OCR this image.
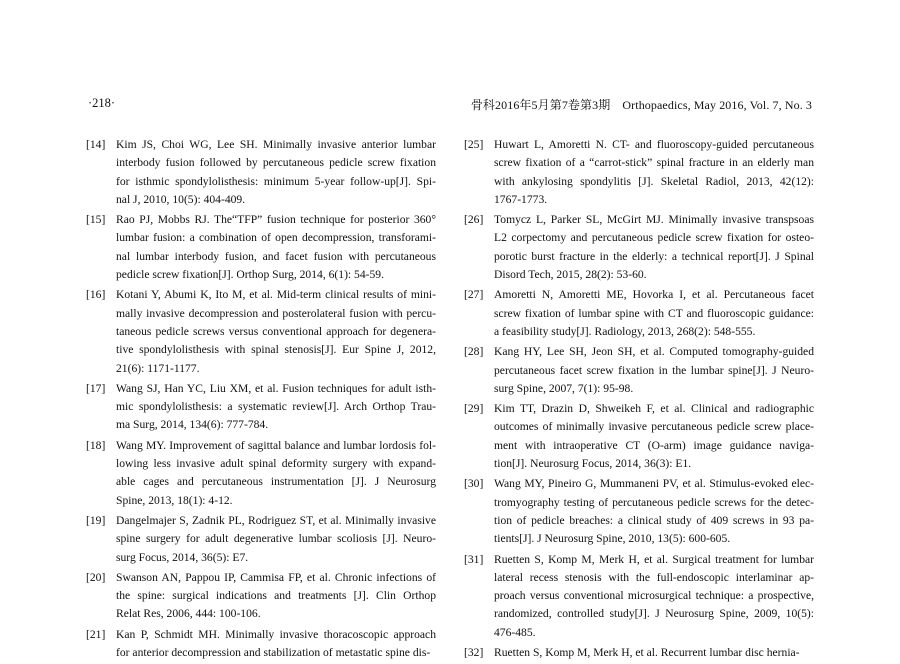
·218·	骨科2016年5月第7卷第3期　Orthopaedics, May 2016, Vol. 7, No. 3
[14] Kim JS, Choi WG, Lee SH. Minimally invasive anterior lumbar
interbody fusion followed by percutaneous pedicle screw fixation
for isthmic spondylolisthesis: minimum 5-year follow-up[J]. Spi-
nal J, 2010, 10(5): 404-409.
[15] Rao PJ, Mobbs RJ. The“TFP” fusion technique for posterior 360°
lumbar fusion: a combination of open decompression, transforami-
nal lumbar interbody fusion, and facet fusion with percutaneous
pedicle screw fixation[J]. Orthop Surg, 2014, 6(1): 54-59.
[16] Kotani Y, Abumi K, Ito M, et al. Mid-term clinical results of mini-
mally invasive decompression and posterolateral fusion with percu-
taneous pedicle screws versus conventional approach for degenera-
tive spondylolisthesis with spinal stenosis[J]. Eur Spine J, 2012,
21(6): 1171-1177.
[17] Wang SJ, Han YC, Liu XM, et al. Fusion techniques for adult isth-
mic spondylolisthesis: a systematic review[J]. Arch Orthop Trau-
ma Surg, 2014, 134(6): 777-784.
[18] Wang MY. Improvement of sagittal balance and lumbar lordosis fol-
lowing less invasive adult spinal deformity surgery with expand-
able cages and percutaneous instrumentation [J]. J Neurosurg
Spine, 2013, 18(1): 4-12.
[19] Dangelmajer S, Zadnik PL, Rodriguez ST, et al. Minimally invasive
spine surgery for adult degenerative lumbar scoliosis [J]. Neuro-
surg Focus, 2014, 36(5): E7.
[20] Swanson AN, Pappou IP, Cammisa FP, et al. Chronic infections of
the spine: surgical indications and treatments [J]. Clin Orthop
Relat Res, 2006, 444: 100-106.
[21] Kan P, Schmidt MH. Minimally invasive thoracoscopic approach
for anterior decompression and stabilization of metastatic spine dis-
[25] Huwart L, Amoretti N. CT- and fluoroscopy-guided percutaneous
screw fixation of a “carrot-stick” spinal fracture in an elderly man
with ankylosing spondylitis [J]. Skeletal Radiol, 2013, 42(12):
1767-1773.
[26] Tomycz L, Parker SL, McGirt MJ. Minimally invasive transpsoas
L2 corpectomy and percutaneous pedicle screw fixation for osteo-
porotic burst fracture in the elderly: a technical report[J]. J Spinal
Disord Tech, 2015, 28(2): 53-60.
[27] Amoretti N, Amoretti ME, Hovorka I, et al. Percutaneous facet
screw fixation of lumbar spine with CT and fluoroscopic guidance:
a feasibility study[J]. Radiology, 2013, 268(2): 548-555.
[28] Kang HY, Lee SH, Jeon SH, et al. Computed tomography-guided
percutaneous facet screw fixation in the lumbar spine[J]. J Neuro-
surg Spine, 2007, 7(1): 95-98.
[29] Kim TT, Drazin D, Shweikeh F, et al. Clinical and radiographic
outcomes of minimally invasive percutaneous pedicle screw place-
ment with intraoperative CT (O-arm) image guidance naviga-
tion[J]. Neurosurg Focus, 2014, 36(3): E1.
[30] Wang MY, Pineiro G, Mummaneni PV, et al. Stimulus-evoked elec-
tromyography testing of percutaneous pedicle screws for the detec-
tion of pedicle breaches: a clinical study of 409 screws in 93 pa-
tients[J]. J Neurosurg Spine, 2010, 13(5): 600-605.
[31] Ruetten S, Komp M, Merk H, et al. Surgical treatment for lumbar
lateral recess stenosis with the full-endoscopic interlaminar ap-
proach versus conventional microsurgical technique: a prospective,
randomized, controlled study[J]. J Neurosurg Spine, 2009, 10(5):
476-485.
[32] Ruetten S, Komp M, Merk H, et al. Recurrent lumbar disc hernia-
